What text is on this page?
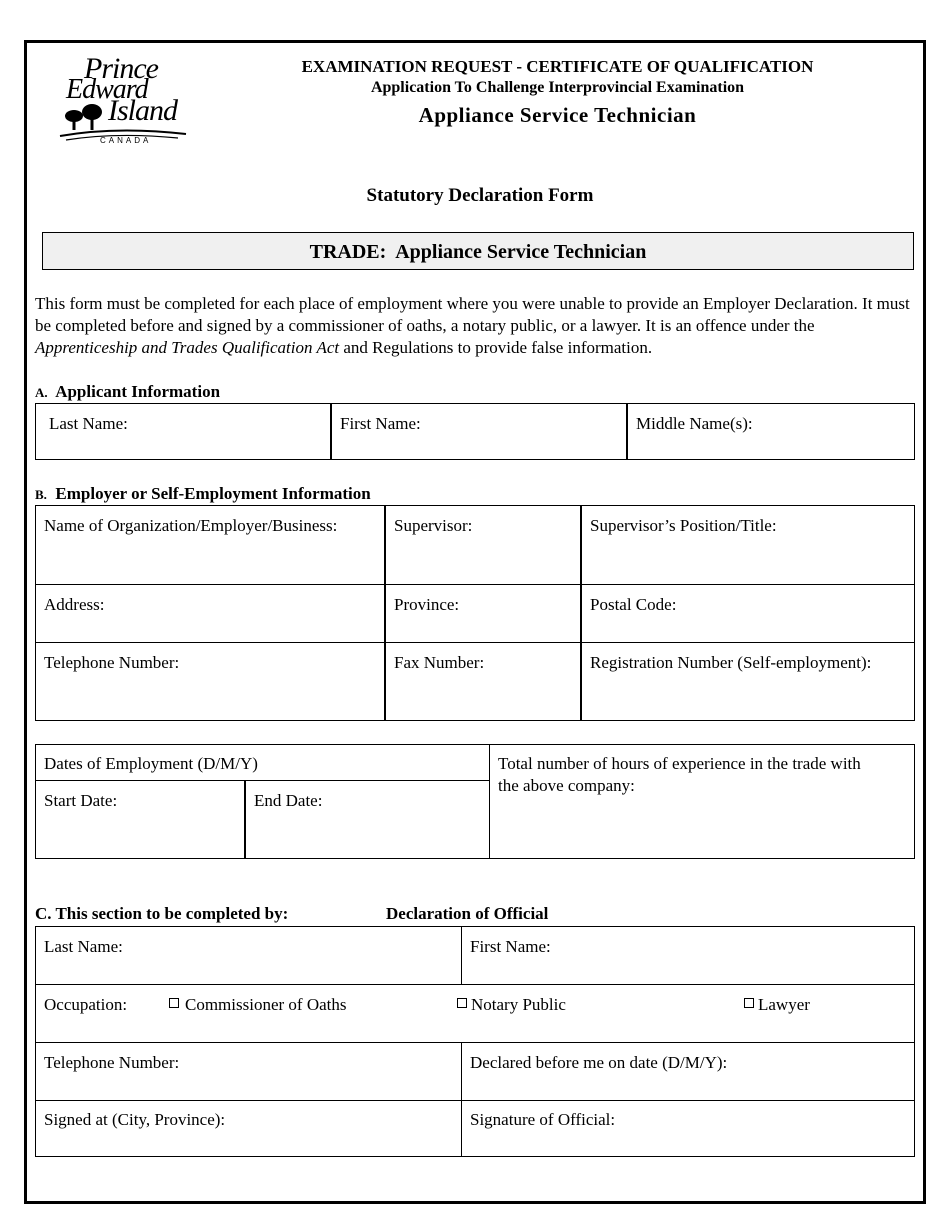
Prince
Edward
Island
CANADA
EXAMINATION REQUEST - CERTIFICATE OF QUALIFICATION
Application To Challenge Interprovincial Examination
Appliance Service Technician
Statutory Declaration Form
TRADE:  Appliance Service Technician
This form must be completed for each place of employment where you were unable to provide an Employer Declaration. It must be completed before and signed by a commissioner of oaths, a notary public, or a lawyer. It is an offence under the Apprenticeship and Trades Qualification Act and Regulations to provide false information.
A. Applicant Information
Last Name:	First Name:	Middle Name(s):
B. Employer or Self-Employment Information
Name of Organization/Employer/Business:	Supervisor:	Supervisor’s Position/Title:
Address:	Province:	Postal Code:
Telephone Number:	Fax Number:	Registration Number (Self-employment):
Dates of Employment (D/M/Y)
Start Date:	End Date:
Total number of hours of experience in the trade with
the above company:
C. This section to be completed by:	Declaration of Official
Last Name:	First Name:
Occupation:	Commissioner of Oaths	Notary Public	Lawyer
Telephone Number:	Declared before me on date (D/M/Y):
Signed at (City, Province):	Signature of Official:
